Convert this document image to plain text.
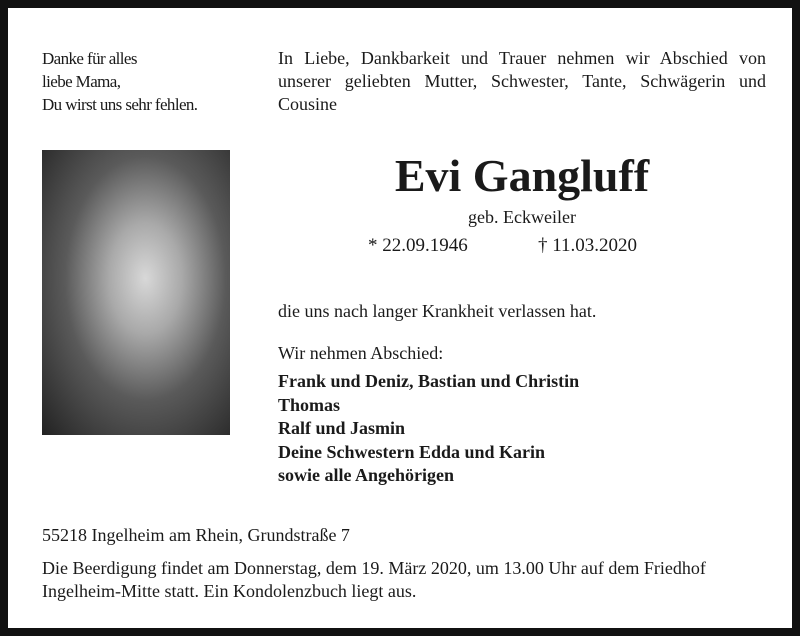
Danke für alles
liebe Mama,
Du wirst uns sehr fehlen.
In Liebe, Dankbarkeit und Trauer nehmen wir Abschied von unserer geliebten Mutter, Schwester, Tante, Schwägerin und Cousine
Evi Gangluff
geb. Eckweiler
* 22.09.1946	† 11.03.2020
die uns nach langer Krankheit verlassen hat.
Wir nehmen Abschied:
Frank und Deniz, Bastian und Christin
Thomas
Ralf und Jasmin
Deine Schwestern Edda und Karin
sowie alle Angehörigen
55218 Ingelheim am Rhein, Grundstraße 7
Die Beerdigung findet am Donnerstag, dem 19. März 2020, um 13.00 Uhr auf dem Friedhof
Ingelheim-Mitte statt. Ein Kondolenzbuch liegt aus.
